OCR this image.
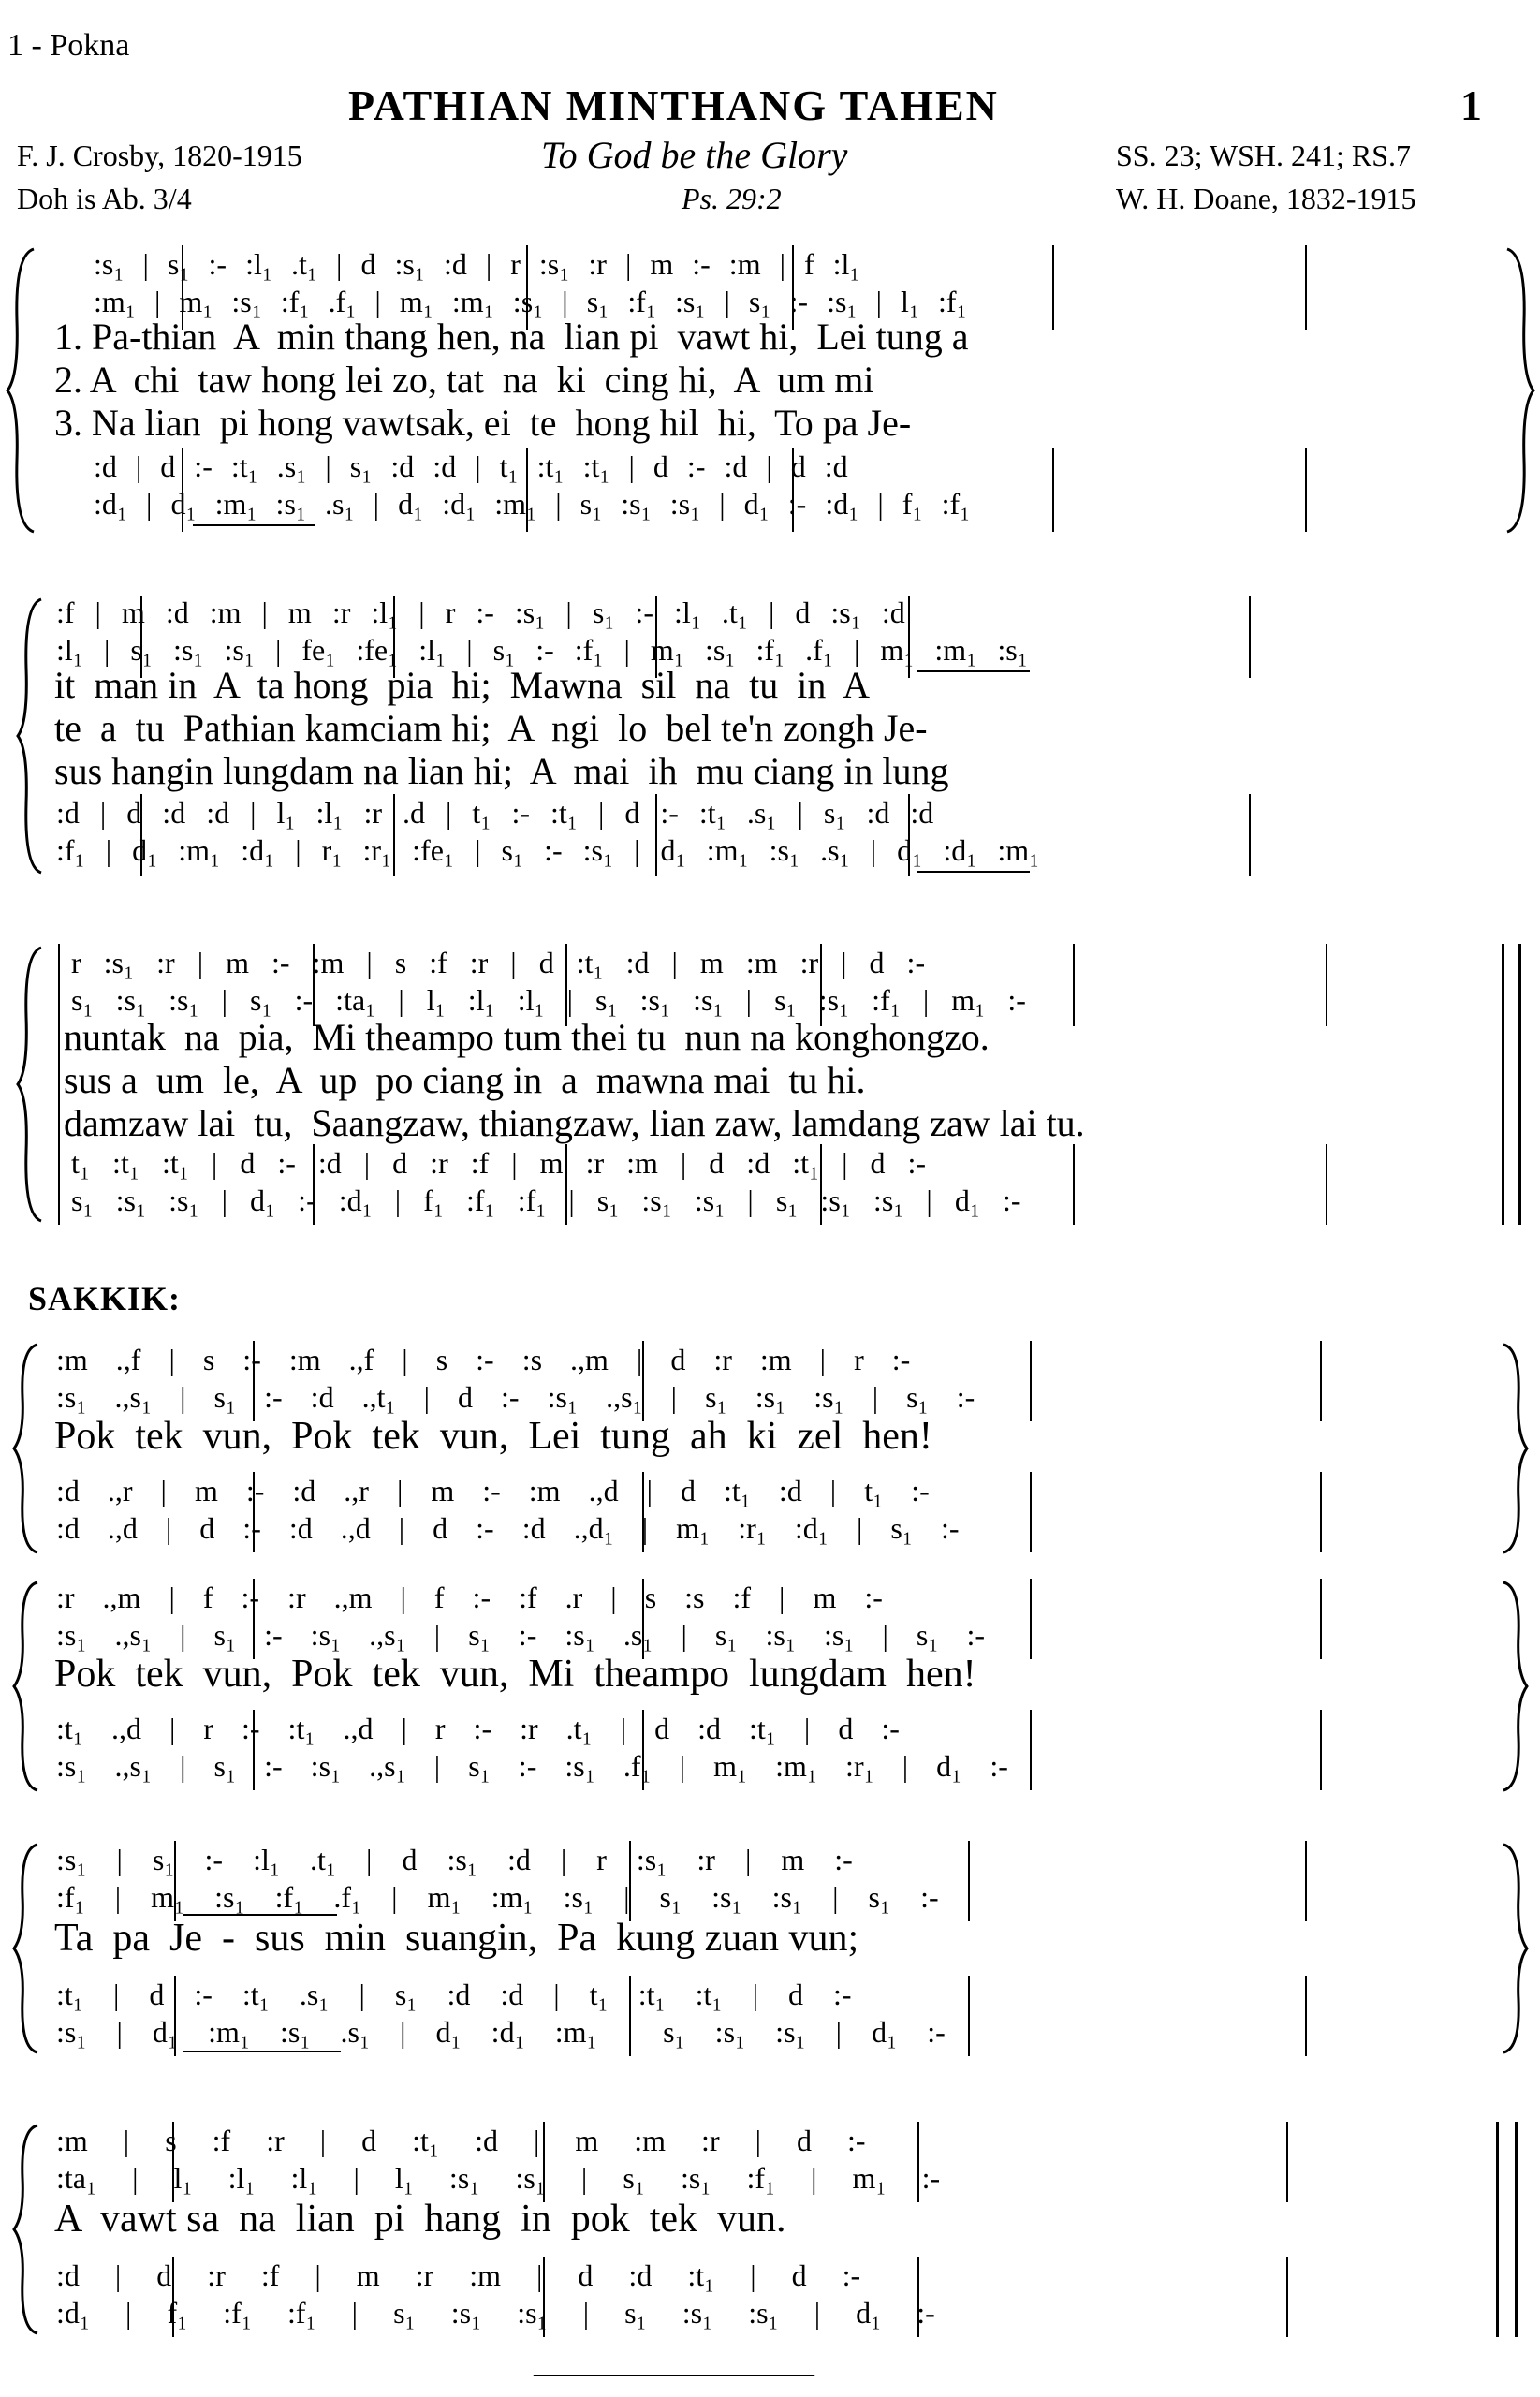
1 - Pokna
PATHIAN MINTHANG TAHEN	1
F. J. Crosby, 1820-1915	To God be the Glory	SS. 23; WSH. 241; RS.7
Doh is Ab. 3/4	Ps. 29:2	W. H. Doane, 1832-1915
:s₁ | s₁ :- :l₁ .t₁ | d :s₁ :d | r :s₁ :r | m :- :m | f :l₁
:m₁ | m₁ :s₁ :f₁ .f₁ | m₁ :m₁ :s₁ | s₁ :f₁ :s₁ | s₁ :- :s₁ | l₁ :f₁
1. Pa-thian  A  min thang hen, na  lian pi  vawt hi,  Lei tung a
2. A  chi  taw hong lei zo, tat  na  ki  cing hi,  A  um mi
3. Na lian  pi hong vawtsak, ei  te  hong hil  hi,  To pa Je-
:d | d :- :t₁ .s₁ | s₁ :d :d | t₁ :t₁ :t₁ | d :- :d | d :d
:d₁ | d₁ :m₁ :s₁ .s₁ | d₁ :d₁ :m₁ | s₁ :s₁ :s₁ | d₁ :- :d₁ | f₁ :f₁
:f | m :d :m | m :r :l₁ | r :- :s₁ | s₁ :- :l₁ .t₁ | d :s₁ :d
:l₁ | s₁ :s₁ :s₁ | fe₁ :fe₁ :l₁ | s₁ :- :f₁ | m₁ :s₁ :f₁ .f₁ | m₁ :m₁ :s₁
it  man in  A  ta hong  pia  hi;  Mawna  sil  na  tu  in  A
te  a  tu  Pathian kamciam hi;  A  ngi  lo  bel te'n zongh Je-
sus hangin lungdam na lian hi;  A  mai  ih  mu ciang in lung
:d | d :d :d | l₁ :l₁ :r .d | t₁ :- :t₁ | d :- :t₁ .s₁ | s₁ :d :d
:f₁ | d₁ :m₁ :d₁ | r₁ :r₁ :fe₁ | s₁ :- :s₁ | d₁ :m₁ :s₁ .s₁ | d₁ :d₁ :m₁
r :s₁ :r | m :- :m | s :f :r | d :t₁ :d | m :m :r | d :-
s₁ :s₁ :s₁ | s₁ :- :ta₁ | l₁ :l₁ :l₁ | s₁ :s₁ :s₁ | s₁ :s₁ :f₁ | m₁ :-
nuntak  na  pia,  Mi theampo tum thei tu  nun na konghongzo.
sus a  um  le,  A  up  po ciang in  a  mawna mai  tu hi.
damzaw lai  tu,  Saangzaw, thiangzaw, lian zaw, lamdang zaw lai tu.
t₁ :t₁ :t₁ | d :- :d | d :r :f | m :r :m | d :d :t₁ | d :-
s₁ :s₁ :s₁ | d₁ :- :d₁ | f₁ :f₁ :f₁ | s₁ :s₁ :s₁ | s₁ :s₁ :s₁ | d₁ :-
SAKKIK:
:m .,f | s :- :m .,f | s :- :s .,m | d :r :m | r :-
:s₁ .,s₁ | s₁ :- :d .,t₁ | d :- :s₁ .,s₁ | s₁ :s₁ :s₁ | s₁ :-
Pok  tek  vun,  Pok  tek  vun,  Lei  tung  ah  ki  zel  hen!
:d .,r | m :- :d .,r | m :- :m .,d | d :t₁ :d | t₁ :-
:d .,d | d :- :d .,d | d :- :d .,d₁ | m₁ :r₁ :d₁ | s₁ :-
:r .,m | f :- :r .,m | f :- :f .r | s :s :f | m :-
:s₁ .,s₁ | s₁ :- :s₁ .,s₁ | s₁ :- :s₁ .s₁ | s₁ :s₁ :s₁ | s₁ :-
Pok  tek  vun,  Pok  tek  vun,  Mi  theampo  lungdam  hen!
:t₁ .,d | r :- :t₁ .,d | r :- :r .t₁ | d :d :t₁ | d :-
:s₁ .,s₁ | s₁ :- :s₁ .,s₁ | s₁ :- :s₁ .f₁ | m₁ :m₁ :r₁ | d₁ :-
:s₁ | s₁ :- :l₁ .t₁ | d :s₁ :d | r :s₁ :r | m :-
:f₁ | m₁ :s₁ :f₁ .f₁ | m₁ :m₁ :s₁ | s₁ :s₁ :s₁ | s₁ :-
Ta  pa  Je  -  sus  min  suangin,  Pa  kung zuan vun;
:t₁ | d :- :t₁ .s₁ | s₁ :d :d | t₁ :t₁ :t₁ | d :-
:s₁ | d₁ :m₁ :s₁ .s₁ | d₁ :d₁ :m₁ | s₁ :s₁ :s₁ | d₁ :-
:m | s :f :r | d :t₁ :d | m :m :r | d :-
:ta₁ | l₁ :l₁ :l₁ | l₁ :s₁ :s₁ | s₁ :s₁ :f₁ | m₁ :-
A  vawt sa  na  lian  pi  hang  in  pok  tek  vun.
:d | d :r :f | m :r :m | d :d :t₁ | d :-
:d₁ | f₁ :f₁ :f₁ | s₁ :s₁ :s₁ | s₁ :s₁ :s₁ | d₁ :-
____________________
